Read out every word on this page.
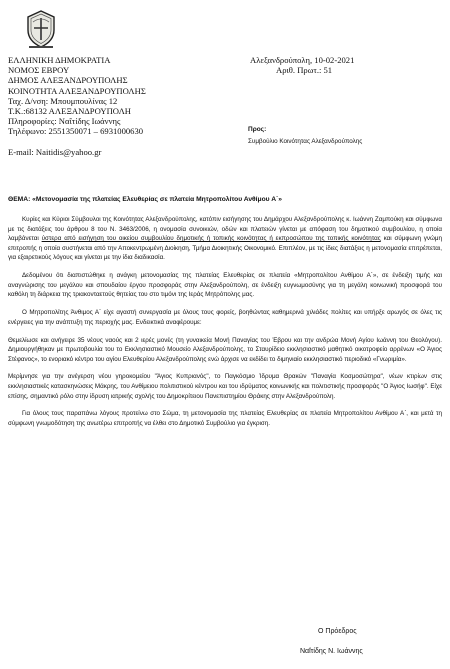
ΕΛΛΗΝΙΚΗ ΔΗΜΟΚΡΑΤΙΑ
ΝΟΜΟΣ ΕΒΡΟΥ
ΔΗΜΟΣ ΑΛΕΞΑΝΔΡΟΥΠΟΛΗΣ
ΚΟΙΝΟΤΗΤΑ ΑΛΕΞΑΝΔΡΟΥΠΟΛΗΣ
Ταχ. Δ/νση: Μπουμπουλίνας 12
Τ.Κ.:68132 ΑΛΕΞΑΝΔΡΟΥΠΟΛΗ
Πληροφορίες: Ναΐτίδης Ιωάννης
Τηλέφωνο: 2551350071 – 6931000630
E-mail: Naitidis@yahoo.gr
Αλεξανδρούπολη, 10-02-2021
Αριθ. Πρωτ.: 51
Προς:
Συμβούλιο Κοινότητας Αλεξανδρούπολης
ΘΕΜΑ: «Μετονομασία της πλατείας Ελευθερίας σε πλατεία Μητροπολίτου Ανθίμου Α΄»

Κυρίες και Κύριοι Σύμβουλοι της Κοινότητας Αλεξανδρούπολης, κατόπιν εισήγησης του Δημάρχου Αλεξανδρούπολης κ. Ιωάννη Ζαμπούκη και σύμφωνα με τις διατάξεις του άρθρου 8 του Ν. 3463/2006, η ονομασία συνοικιών, οδών και πλατειών γίνεται με απόφαση του δημοτικού συμβουλίου, η οποία λαμβάνεται ύστερα από εισήγηση του οικείου συμβουλίου δημοτικής ή τοπικής κοινότητας ή εκπροσώπου της τοπικής κοινότητας και σύμφωνη γνώμη επιτροπής η οποία συστήνεται από την Αποκεντρωμένη Διοίκηση, Τμήμα Διοικητικής Οικονομικό. Επιπλέον, με τις ίδιες διατάξεις η μετονομασία επιτρέπεται, για εξαιρετικούς λόγους και γίνεται με την ίδια διαδικασία.

Δεδομένου ότι διαπιστώθηκε η ανάγκη μετονομασίας της πλατείας Ελευθερίας σε πλατεία «Μητροπολίτου Ανθίμου Α΄», σε ένδειξη τιμής και αναγνώρισης του μεγάλου και σπουδαίου έργου προσφοράς στην Αλεξανδρούπολη, σε ένδειξη ευγνωμοσύνης για τη μεγάλη κοινωνική προσφορά του καθόλη τη διάρκεια της τριακονταετούς θητείας του στο τιμόνι της Ιεράς Μητρόπολης μας.

Ο Μητροπολίτης Άνθιμος Α΄ είχε αγαστή συνεργασία με όλους τους φορείς, βοηθώντας καθημερινά χιλιάδες πολίτες και υπήρξε αρωγός σε όλες τις ενέργειες για την ανάπτυξη της περιοχής μας. Ενδεικτικά αναφέρουμε:

Θεμελίωσε και ανήγειρε 35 νέους ναούς και 2 ιερές μονές (τη γυναικεία Μονή Παναγίας του Έβρου και την ανδρώα Μονή Αγίου Ιωάννη του Θεολόγου). Δημιουργήθηκαν με πρωτοβουλία του το Εκκλησιαστικό Μουσείο Αλεξανδρούπολης, το Σταυρίδειο εκκλησιαστικό μαθητικό οικοτροφείο αρρένων «Ο Άγιος Στέφανος», το ενοριακό κέντρο του αγίου Ελευθερίου Αλεξανδρούπολης ενώ άρχισε να εκδίδει το διμηνιαίο εκκλησιαστικό περιοδικό «Γνωριμία».

Μερίμνησε για την ανέγερση νέου γηροκομείου "Άγιος Κυπριανός", το Παγκόσμιο Ίδρυμα Θρακών "Παναγία Κοσμοσώτηρα", νέων κτιρίων στις εκκλησιαστικές κατασκηνώσεις Μάκρης, του Ανθίμειου πολιτιστικού κέντρου και του ιδρύματος κοινωνικής και πολιτιστικής προσφοράς "Ο Άγιος Ιωσήφ". Είχε επίσης, σημαντικό ρόλο στην ίδρυση ιατρικής σχολής του Δημοκρίτειου Πανεπιστημίου Θράκης στην Αλεξανδρούπολη.

Για όλους τους παραπάνω λόγους προτείνω στο Σώμα, τη μετονομασία της πλατείας Ελευθερίας σε πλατεία Μητροπολίτου Ανθίμου Α΄, και μετά τη σύμφωνη γνωμοδότηση της ανωτέρω επιτροπής να έλθει στο Δημοτικό Συμβούλιο για έγκριση.

Ο Πρόεδρος
Ναΐτίδης Ν. Ιωάννης
